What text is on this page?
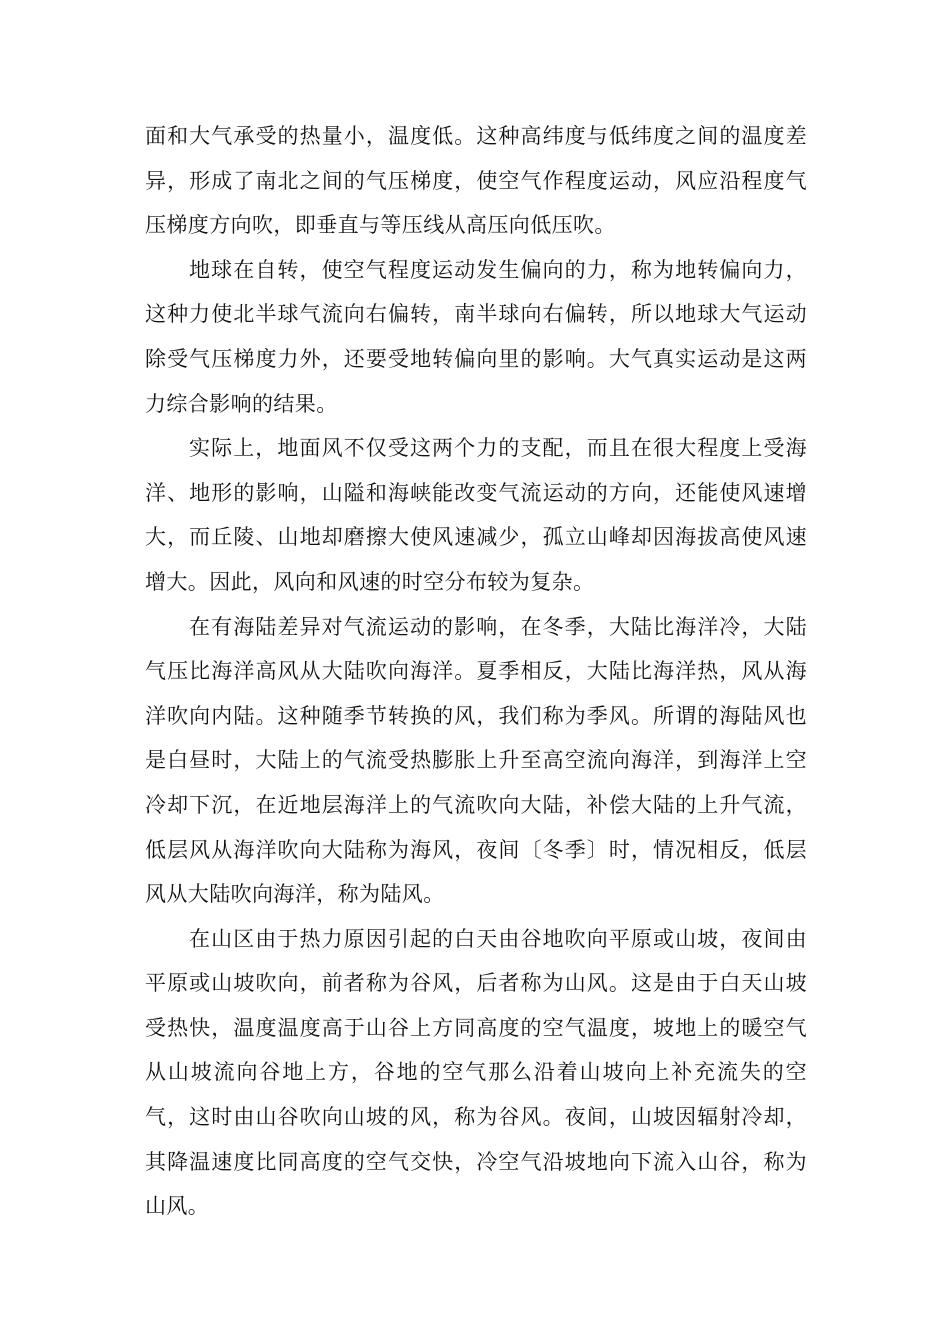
面和大气承受的热量小，温度低。这种高纬度与低纬度之间的温度差异，形成了南北之间的气压梯度，使空气作程度运动，风应沿程度气压梯度方向吹，即垂直与等压线从高压向低压吹。

地球在自转，使空气程度运动发生偏向的力，称为地转偏向力，这种力使北半球气流向右偏转，南半球向右偏转，所以地球大气运动除受气压梯度力外，还要受地转偏向里的影响。大气真实运动是这两力综合影响的结果。

实际上，地面风不仅受这两个力的支配，而且在很大程度上受海洋、地形的影响，山隘和海峡能改变气流运动的方向，还能使风速增大，而丘陵、山地却磨擦大使风速减少，孤立山峰却因海拔高使风速增大。因此，风向和风速的时空分布较为复杂。

在有海陆差异对气流运动的影响，在冬季，大陆比海洋冷，大陆气压比海洋高风从大陆吹向海洋。夏季相反，大陆比海洋热，风从海洋吹向内陆。这种随季节转换的风，我们称为季风。所谓的海陆风也是白昼时，大陆上的气流受热膨胀上升至高空流向海洋，到海洋上空冷却下沉，在近地层海洋上的气流吹向大陆，补偿大陆的上升气流，低层风从海洋吹向大陆称为海风，夜间〔冬季〕时，情况相反，低层风从大陆吹向海洋，称为陆风。

在山区由于热力原因引起的白天由谷地吹向平原或山坡，夜间由平原或山坡吹向，前者称为谷风，后者称为山风。这是由于白天山坡受热快，温度温度高于山谷上方同高度的空气温度，坡地上的暖空气从山坡流向谷地上方，谷地的空气那么沿着山坡向上补充流失的空气，这时由山谷吹向山坡的风，称为谷风。夜间，山坡因辐射冷却，其降温速度比同高度的空气交快，冷空气沿坡地向下流入山谷，称为山风。
